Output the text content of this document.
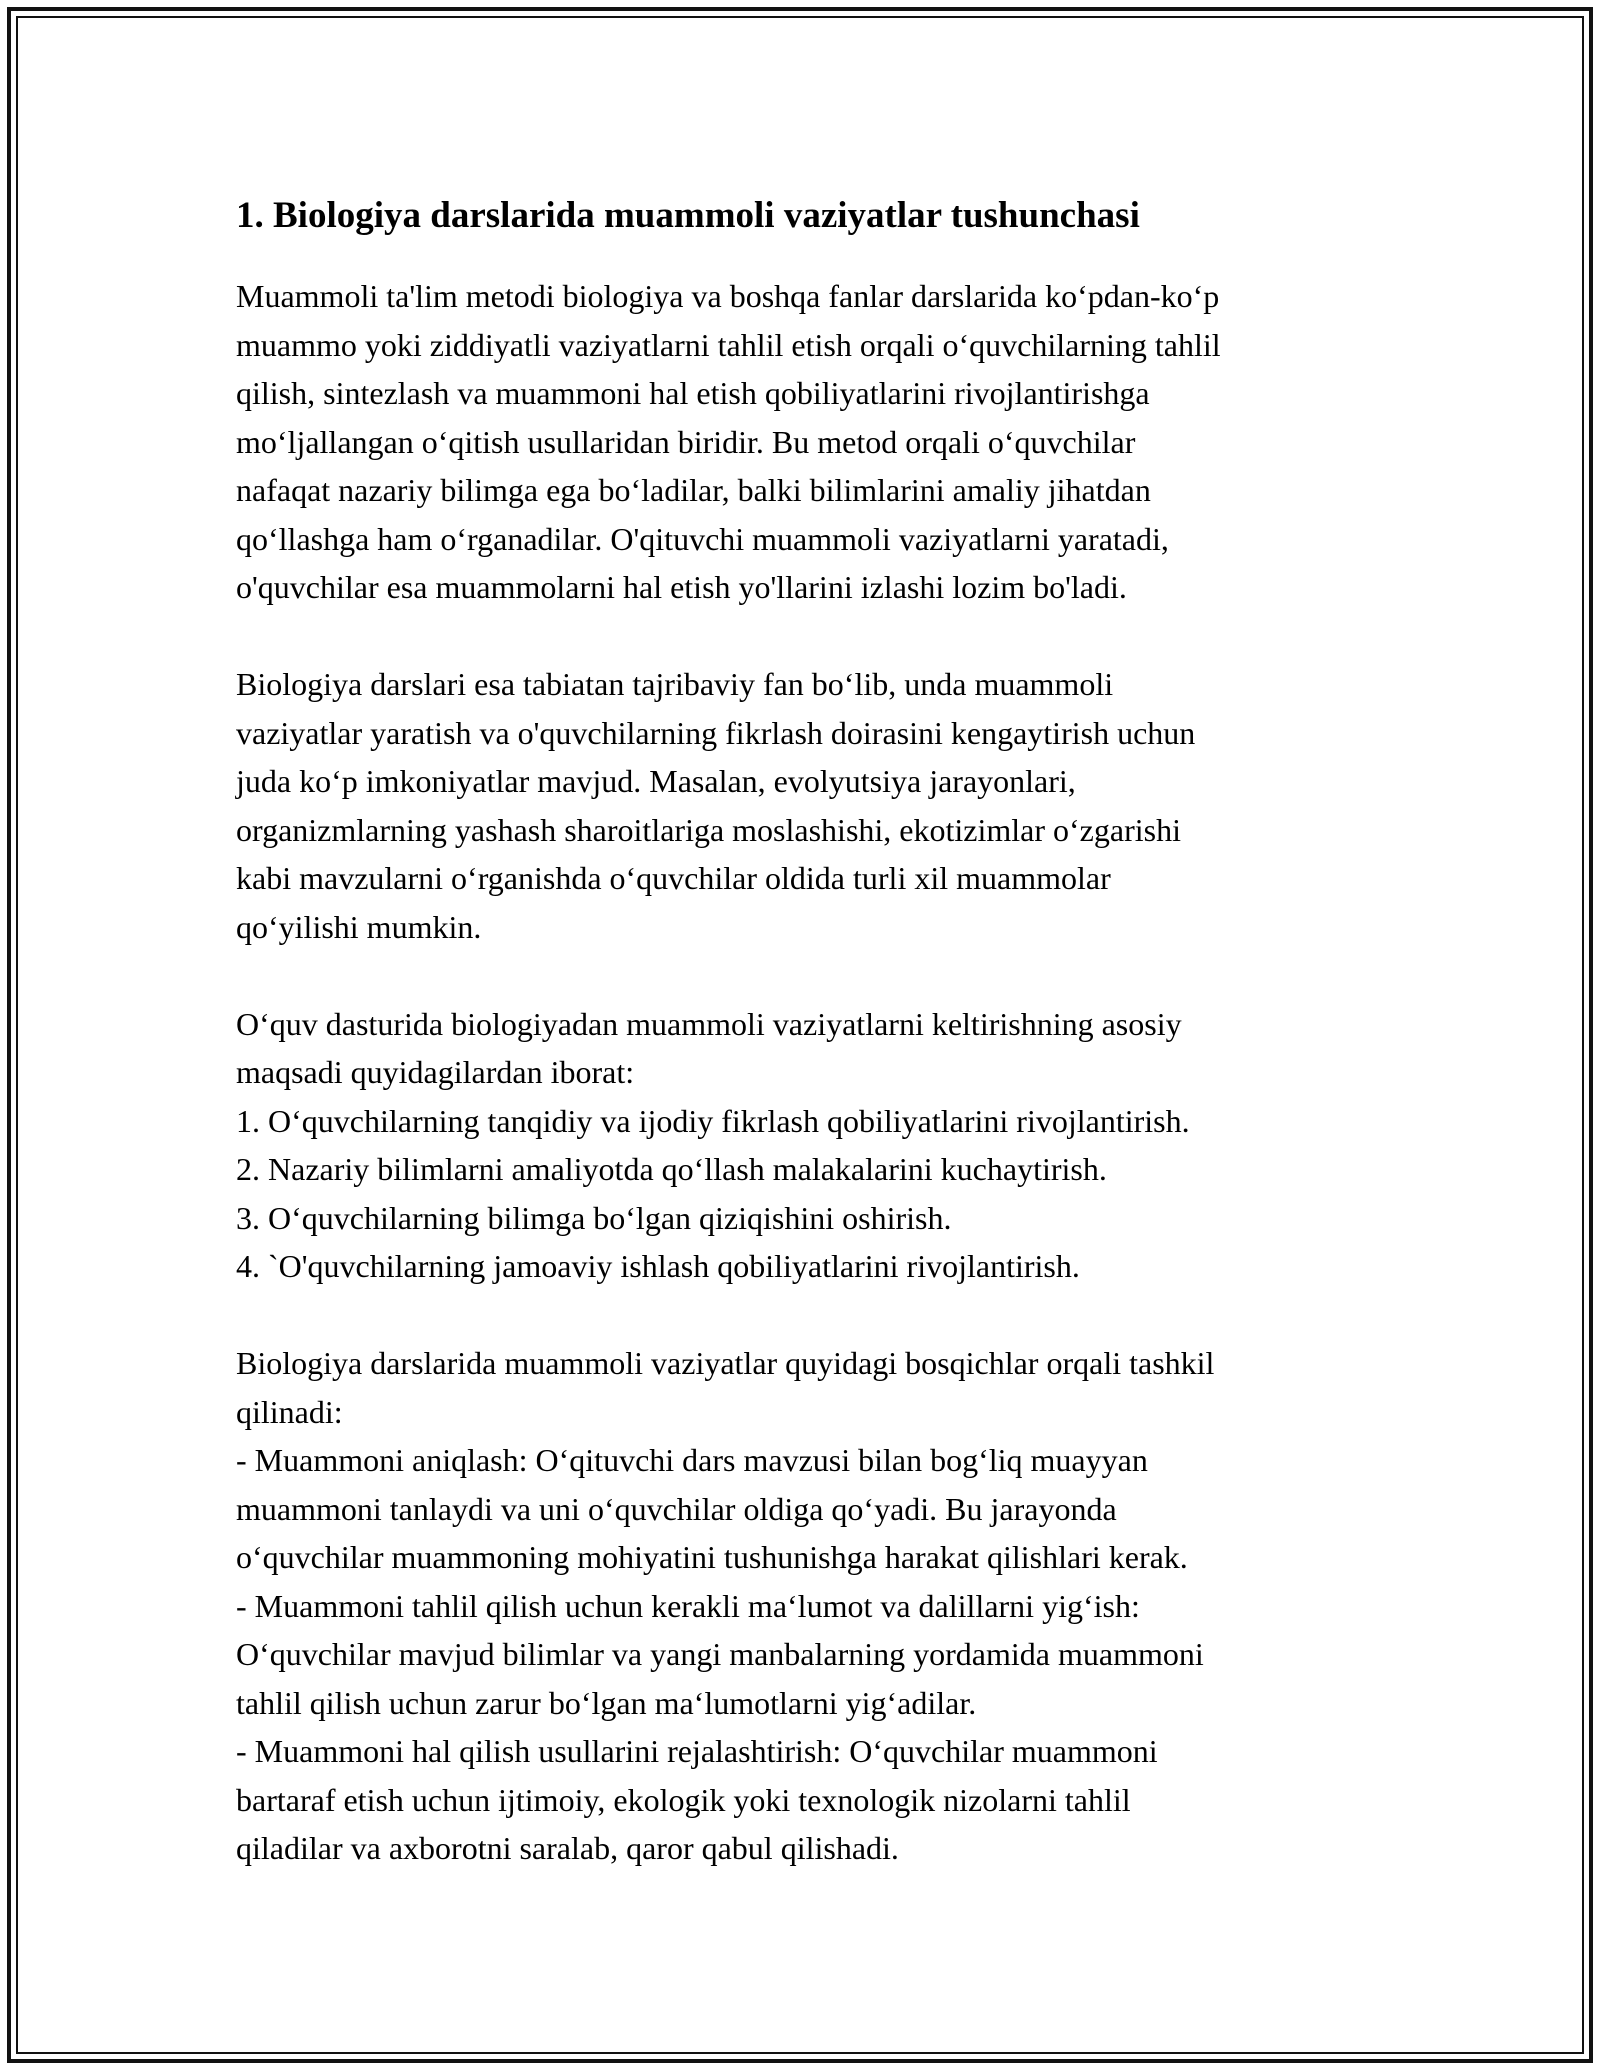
1. Biologiya darslarida muammoli vaziyatlar tushunchasi

Muammoli ta'lim metodi biologiya va boshqa fanlar darslarida ko‘pdan-ko‘p
muammo yoki ziddiyatli vaziyatlarni tahlil etish orqali o‘quvchilarning tahlil
qilish, sintezlash va muammoni hal etish qobiliyatlarini rivojlantirishga
mo‘ljallangan o‘qitish usullaridan biridir. Bu metod orqali o‘quvchilar
nafaqat nazariy bilimga ega bo‘ladilar, balki bilimlarini amaliy jihatdan
qo‘llashga ham o‘rganadilar. O'qituvchi muammoli vaziyatlarni yaratadi,
o'quvchilar esa muammolarni hal etish yo'llarini izlashi lozim bo'ladi.

Biologiya darslari esa tabiatan tajribaviy fan bo‘lib, unda muammoli
vaziyatlar yaratish va o'quvchilarning fikrlash doirasini kengaytirish uchun
juda ko‘p imkoniyatlar mavjud. Masalan, evolyutsiya jarayonlari,
organizmlarning yashash sharoitlariga moslashishi, ekotizimlar o‘zgarishi
kabi mavzularni o‘rganishda o‘quvchilar oldida turli xil muammolar
qo‘yilishi mumkin.

O‘quv dasturida biologiyadan muammoli vaziyatlarni keltirishning asosiy
maqsadi quyidagilardan iborat:
1. O‘quvchilarning tanqidiy va ijodiy fikrlash qobiliyatlarini rivojlantirish.
2. Nazariy bilimlarni amaliyotda qo‘llash malakalarini kuchaytirish.
3. O‘quvchilarning bilimga bo‘lgan qiziqishini oshirish.
4. `O'quvchilarning jamoaviy ishlash qobiliyatlarini rivojlantirish.

Biologiya darslarida muammoli vaziyatlar quyidagi bosqichlar orqali tashkil
qilinadi:
- Muammoni aniqlash: O‘qituvchi dars mavzusi bilan bog‘liq muayyan
muammoni tanlaydi va uni o‘quvchilar oldiga qo‘yadi. Bu jarayonda
o‘quvchilar muammoning mohiyatini tushunishga harakat qilishlari kerak.
- Muammoni tahlil qilish uchun kerakli ma‘lumot va dalillarni yig‘ish:
O‘quvchilar mavjud bilimlar va yangi manbalarning yordamida muammoni
tahlil qilish uchun zarur bo‘lgan ma‘lumotlarni yig‘adilar.
- Muammoni hal qilish usullarini rejalashtirish: O‘quvchilar muammoni
bartaraf etish uchun ijtimoiy, ekologik yoki texnologik nizolarni tahlil
qiladilar va axborotni saralab, qaror qabul qilishadi.
